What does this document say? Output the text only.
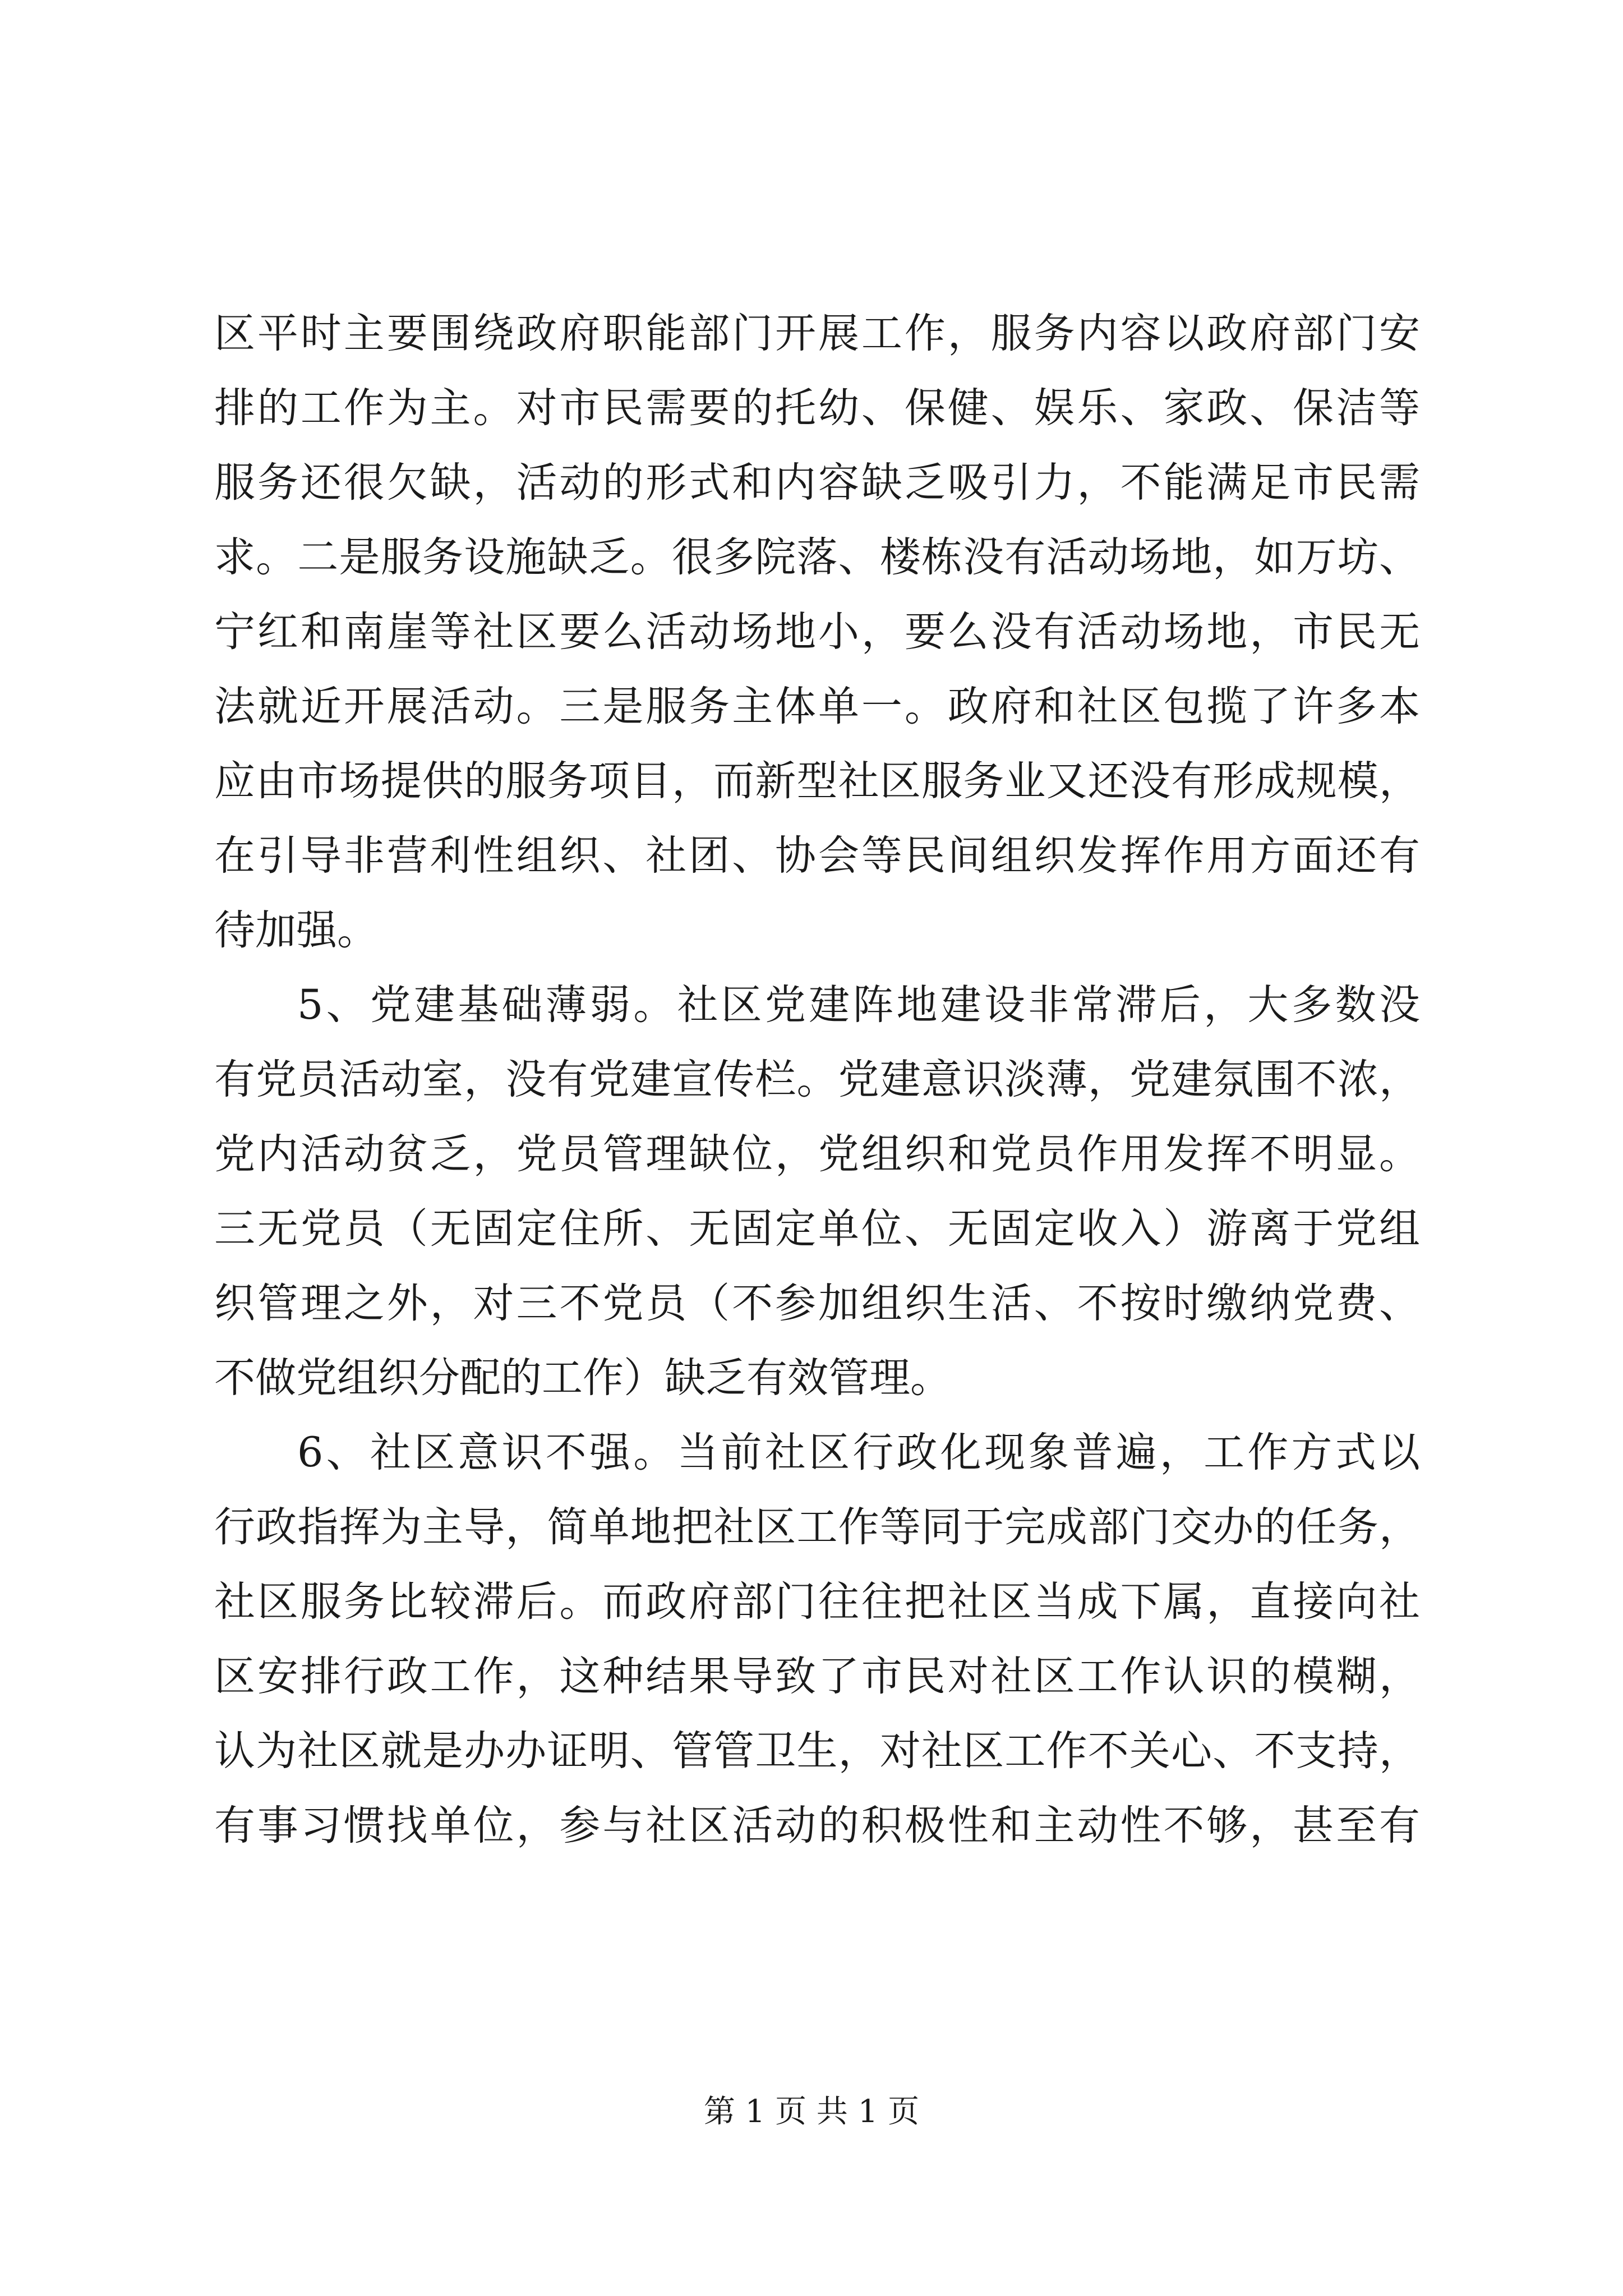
区平时主要围绕政府职能部门开展工作，服务内容以政府部门安
排的工作为主。对市民需要的托幼、保健、娱乐、家政、保洁等
服务还很欠缺，活动的形式和内容缺乏吸引力，不能满足市民需
求。二是服务设施缺乏。很多院落、楼栋没有活动场地，如万坊、
宁红和南崖等社区要么活动场地小，要么没有活动场地，市民无
法就近开展活动。三是服务主体单一。政府和社区包揽了许多本
应由市场提供的服务项目，而新型社区服务业又还没有形成规模，
在引导非营利性组织、社团、协会等民间组织发挥作用方面还有
待加强。
5、党建基础薄弱。社区党建阵地建设非常滞后，大多数没
有党员活动室，没有党建宣传栏。党建意识淡薄，党建氛围不浓，
党内活动贫乏，党员管理缺位，党组织和党员作用发挥不明显。
三无党员（无固定住所、无固定单位、无固定收入）游离于党组
织管理之外，对三不党员（不参加组织生活、不按时缴纳党费、
不做党组织分配的工作）缺乏有效管理。
6、社区意识不强。当前社区行政化现象普遍，工作方式以
行政指挥为主导，简单地把社区工作等同于完成部门交办的任务，
社区服务比较滞后。而政府部门往往把社区当成下属，直接向社
区安排行政工作，这种结果导致了市民对社区工作认识的模糊，
认为社区就是办办证明、管管卫生，对社区工作不关心、不支持，
有事习惯找单位，参与社区活动的积极性和主动性不够，甚至有
第 1 页 共 1 页
